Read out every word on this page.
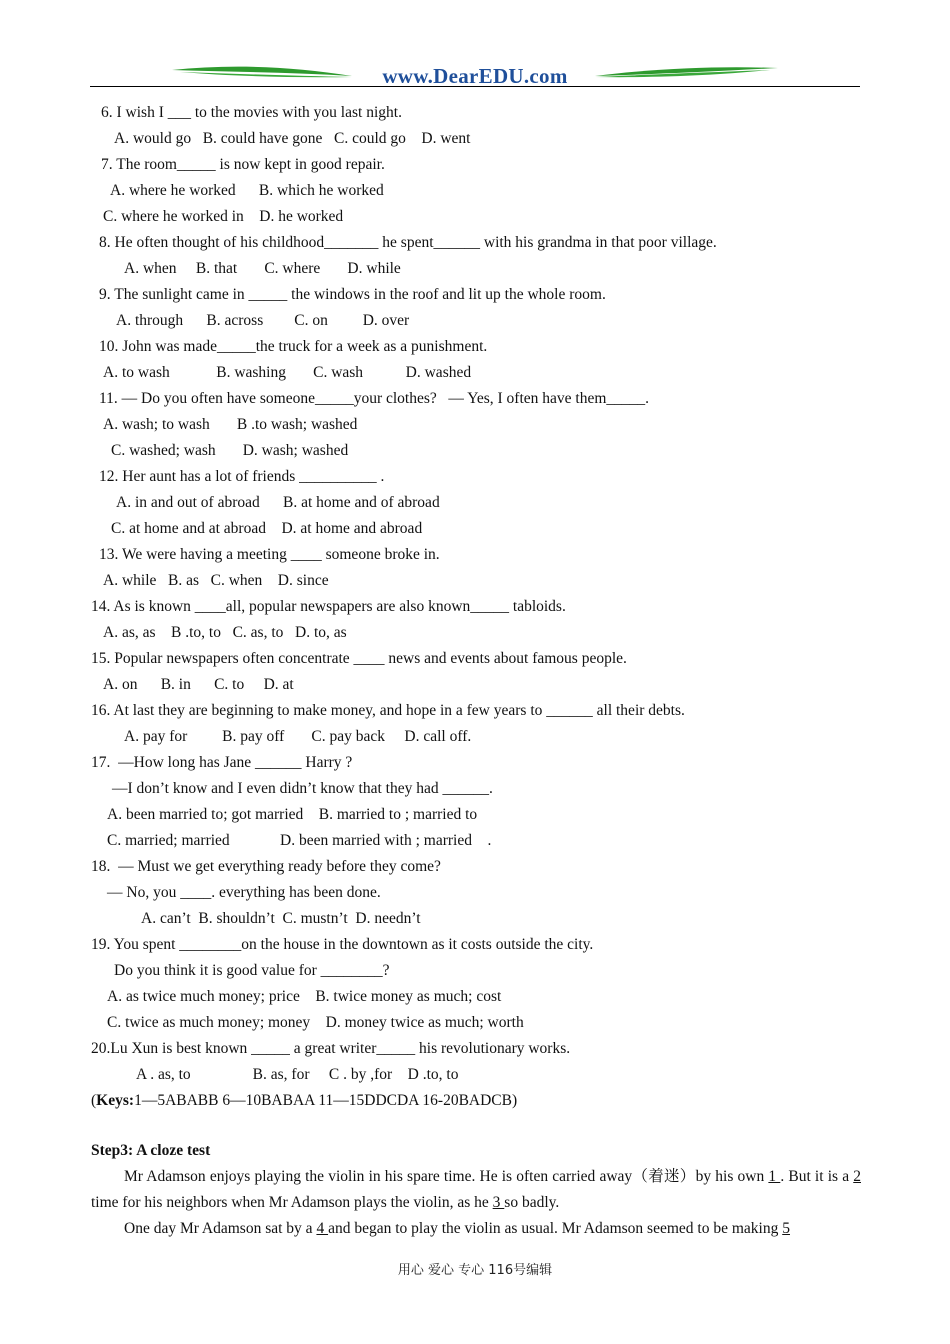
www.DearEDU.com
6. I wish I ___ to the movies with you last night.
A. would go   B. could have gone   C. could go    D. went
7. The room_____ is now kept in good repair.
A. where he worked      B. which he worked
C. where he worked in    D. he worked
8. He often thought of his childhood_______ he spent______ with his grandma in that poor village.
A. when     B. that       C. where       D. while
9. The sunlight came in _____ the windows in the roof and lit up the whole room.
A. through      B. across        C. on         D. over
10. John was made_____the truck for a week as a punishment.
A. to wash            B. washing       C. wash           D. washed
11. — Do you often have someone_____your clothes?   — Yes, I often have them_____.
A. wash; to wash       B .to wash; washed
C. washed; wash       D. wash; washed
12. Her aunt has a lot of friends __________ .
A. in and out of abroad      B. at home and of abroad
C. at home and at abroad    D. at home and abroad
13. We were having a meeting ____ someone broke in.
A. while   B. as   C. when    D. since
14. As is known ____all, popular newspapers are also known_____ tabloids.
A. as, as    B .to, to   C. as, to   D. to, as
15. Popular newspapers often concentrate ____ news and events about famous people.
A. on      B. in      C. to     D. at
16. At last they are beginning to make money, and hope in a few years to ______ all their debts.
A. pay for         B. pay off       C. pay back     D. call off.
17.  —How long has Jane ______ Harry ?
—I don’t know and I even didn’t know that they had ______.
A. been married to; got married    B. married to ; married to
C. married; married             D. been married with ; married    .
18.  — Must we get everything ready before they come?
— No, you ____. everything has been done.
A. can’t  B. shouldn’t  C. mustn’t  D. needn’t
19. You spent ________on the house in the downtown as it costs outside the city.
Do you think it is good value for ________?
A. as twice much money; price    B. twice money as much; cost
C. twice as much money; money    D. money twice as much; worth
20.Lu Xun is best known _____ a great writer_____ his revolutionary works.
A . as, to                B. as, for     C . by ,for    D .to, to
(Keys:1—5ABABB 6—10BABAA 11—15DDCDA 16-20BADCB)
Step3: A cloze test
Mr Adamson enjoys playing the violin in his spare time. He is often carried away（着迷）by his own 1 . But it is a 2 time for his neighbors when Mr Adamson plays the violin, as he 3 so badly.
One day Mr Adamson sat by a 4 and began to play the violin as usual. Mr Adamson seemed to be making 5
用心 爱心 专心 116号编辑
